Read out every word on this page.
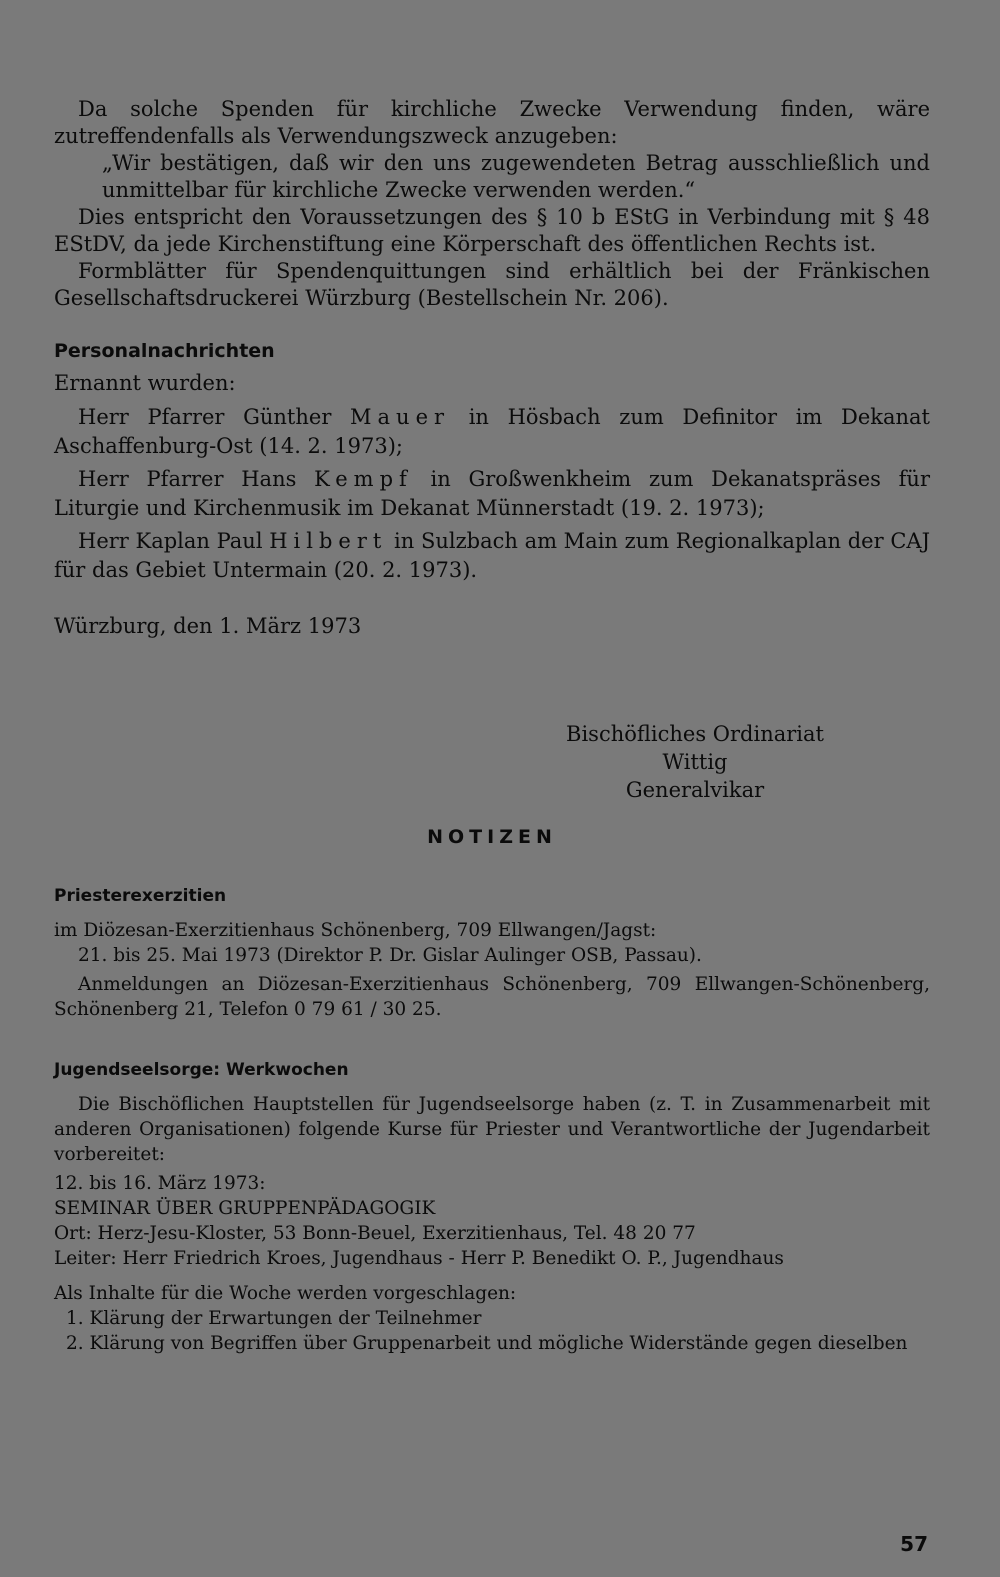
Da solche Spenden für kirchliche Zwecke Verwendung finden, wäre zutreffendenfalls als Verwendungszweck anzugeben:

„Wir bestätigen, daß wir den uns zugewendeten Betrag ausschließlich und unmittelbar für kirchliche Zwecke verwenden werden.“

Dies entspricht den Voraussetzungen des § 10 b EStG in Verbindung mit § 48 EStDV, da jede Kirchenstiftung eine Körperschaft des öffentlichen Rechts ist.

Formblätter für Spendenquittungen sind erhältlich bei der Fränkischen Gesellschaftsdruckerei Würzburg (Bestellschein Nr. 206).

Personalnachrichten

Ernannt wurden:

Herr Pfarrer Günther Mauer in Hösbach zum Definitor im Dekanat Aschaffenburg-Ost (14. 2. 1973);

Herr Pfarrer Hans Kempf in Großwenkheim zum Dekanatspräses für Liturgie und Kirchenmusik im Dekanat Münnerstadt (19. 2. 1973);

Herr Kaplan Paul Hilbert in Sulzbach am Main zum Regionalkaplan der CAJ für das Gebiet Untermain (20. 2. 1973).

Würzburg, den 1. März 1973

Bischöfliches Ordinariat
Wittig
Generalvikar

NOTIZEN

Priesterexerzitien

im Diözesan-Exerzitienhaus Schönenberg, 709 Ellwangen/Jagst:

21. bis 25. Mai 1973 (Direktor P. Dr. Gislar Aulinger OSB, Passau).

Anmeldungen an Diözesan-Exerzitienhaus Schönenberg, 709 Ellwangen-Schönenberg, Schönenberg 21, Telefon 0 79 61 / 30 25.

Jugendseelsorge: Werkwochen

Die Bischöflichen Hauptstellen für Jugendseelsorge haben (z. T. in Zusammenarbeit mit anderen Organisationen) folgende Kurse für Priester und Verantwortliche der Jugendarbeit vorbereitet:

12. bis 16. März 1973:

SEMINAR ÜBER GRUPPENPÄDAGOGIK

Ort: Herz-Jesu-Kloster, 53 Bonn-Beuel, Exerzitienhaus, Tel. 48 20 77

Leiter: Herr Friedrich Kroes, Jugendhaus - Herr P. Benedikt O. P., Jugendhaus

Als Inhalte für die Woche werden vorgeschlagen:

1. Klärung der Erwartungen der Teilnehmer

2. Klärung von Begriffen über Gruppenarbeit und mögliche Widerstände gegen dieselben

57
